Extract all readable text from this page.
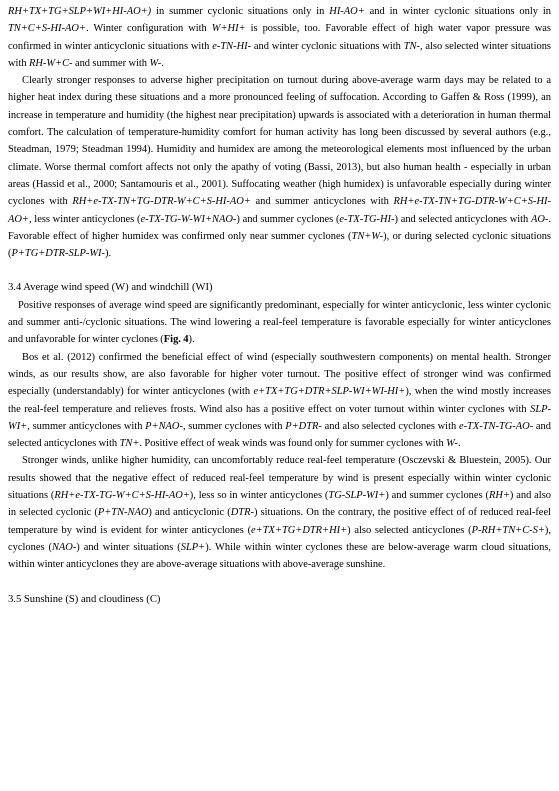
RH+TX+TG+SLP+WI+HI-AO+) in summer cyclonic situations only in HI-AO+ and in winter cyclonic situations only in TN+C+S-HI-AO+. Winter configuration with W+HI+ is possible, too. Favorable effect of high water vapor pressure was confirmed in winter anticyclonic situations with e-TN-HI- and winter cyclonic situations with TN-, also selected winter situations with RH-W+C- and summer with W-.

Clearly stronger responses to adverse higher precipitation on turnout during above-average warm days may be related to a higher heat index during these situations and a more pronounced feeling of suffocation. According to Gaffen & Ross (1999), an increase in temperature and humidity (the highest near precipitation) upwards is associated with a deterioration in human thermal comfort. The calculation of temperature-humidity comfort for human activity has long been discussed by several authors (e.g., Steadman, 1979; Steadman 1994). Humidity and humidex are among the meteorological elements most influenced by the urban climate. Worse thermal comfort affects not only the apathy of voting (Bassi, 2013), but also human health - especially in urban areas (Hassid et al., 2000; Santamouris et al., 2001). Suffocating weather (high humidex) is unfavorable especially during winter cyclones with RH+e-TX-TN+TG-DTR-W+C+S-HI-AO+ and summer anticyclones with RH+e-TX-TN+TG-DTR-W+C+S-HI-AO+, less winter anticyclones (e-TX-TG-W-WI+NAO-) and summer cyclones (e-TX-TG-HI-) and selected anticyclones with AO-. Favorable effect of higher humidex was confirmed only near summer cyclones (TN+W-), or during selected cyclonic situations (P+TG+DTR-SLP-WI-).

3.4 Average wind speed (W) and windchill (WI)

Positive responses of average wind speed are significantly predominant, especially for winter anticyclonic, less winter cyclonic and summer anti-/cyclonic situations. The wind lowering a real-feel temperature is favorable especially for winter anticyclones and unfavorable for winter cyclones (Fig. 4).

Bos et al. (2012) confirmed the beneficial effect of wind (especially southwestern components) on mental health. Stronger winds, as our results show, are also favorable for higher voter turnout. The positive effect of stronger wind was confirmed especially (understandably) for winter anticyclones (with e+TX+TG+DTR+SLP-WI+WI-HI+), when the wind mostly increases the real-feel temperature and relieves frosts. Wind also has a positive effect on voter turnout within winter cyclones with SLP-WI+, summer anticyclones with P+NAO-, summer cyclones with P+DTR- and also selected cyclones with e-TX-TN-TG-AO- and selected anticyclones with TN+. Positive effect of weak winds was found only for summer cyclones with W-.

Stronger winds, unlike higher humidity, can uncomfortably reduce real-feel temperature (Osczevski & Bluestein, 2005). Our results showed that the negative effect of reduced real-feel temperature by wind is present especially within winter cyclonic situations (RH+e-TX-TG-W+C+S-HI-AO+), less so in winter anticyclones (TG-SLP-WI+) and summer cyclones (RH+) and also in selected cyclonic (P+TN-NAO) and anticyclonic (DTR-) situations. On the contrary, the positive effect of of reduced real-feel temperature by wind is evident for winter anticyclones (e+TX+TG+DTR+HI+) also selected anticyclones (P-RH+TN+C-S+), cyclones (NAO-) and winter situations (SLP+). While within winter cyclones these are below-average warm cloud situations, within winter anticyclones they are above-average situations with above-average sunshine.

3.5 Sunshine (S) and cloudiness (C)
